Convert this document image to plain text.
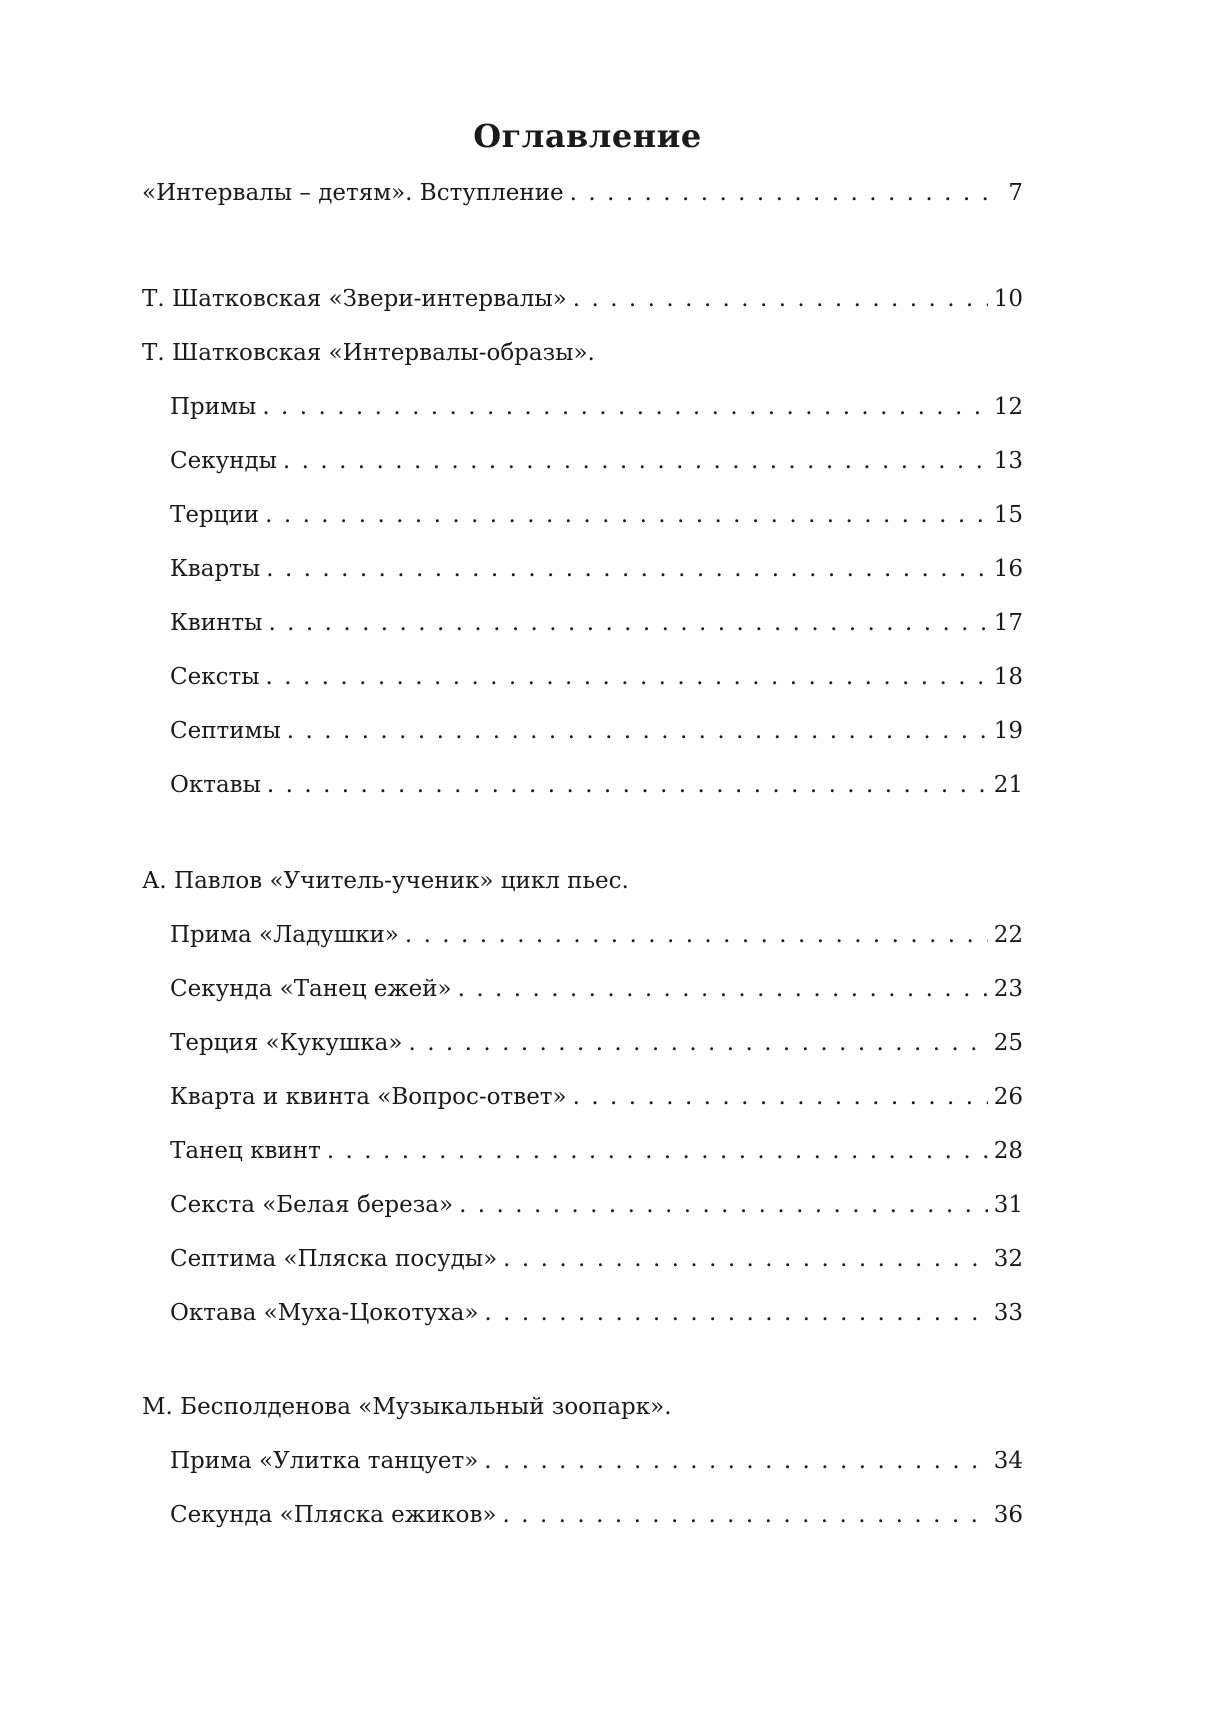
Оглавление
«Интервалы – детям». Вступление . . .	7
Т. Шатковская «Звери-интервалы» . . .	10
Т. Шатковская «Интервалы-образы».
Примы . . .	12
Секунды . . .	13
Терции . . .	15
Кварты . . .	16
Квинты . . .	17
Сексты . . .	18
Септимы . . .	19
Октавы . . .	21
А. Павлов «Учитель-ученик» цикл пьес.
Прима «Ладушки» . . .	22
Секунда «Танец ежей» . . .	23
Терция «Кукушка» . . .	25
Кварта и квинта «Вопрос-ответ» . . .	26
Танец квинт . . .	28
Секста «Белая береза» . . .	31
Септима «Пляска посуды» . . .	32
Октава «Муха-Цокотуха» . . .	33
М. Бесполденова «Музыкальный зоопарк».
Прима «Улитка танцует» . . .	34
Секунда «Пляска ежиков» . . .	36
